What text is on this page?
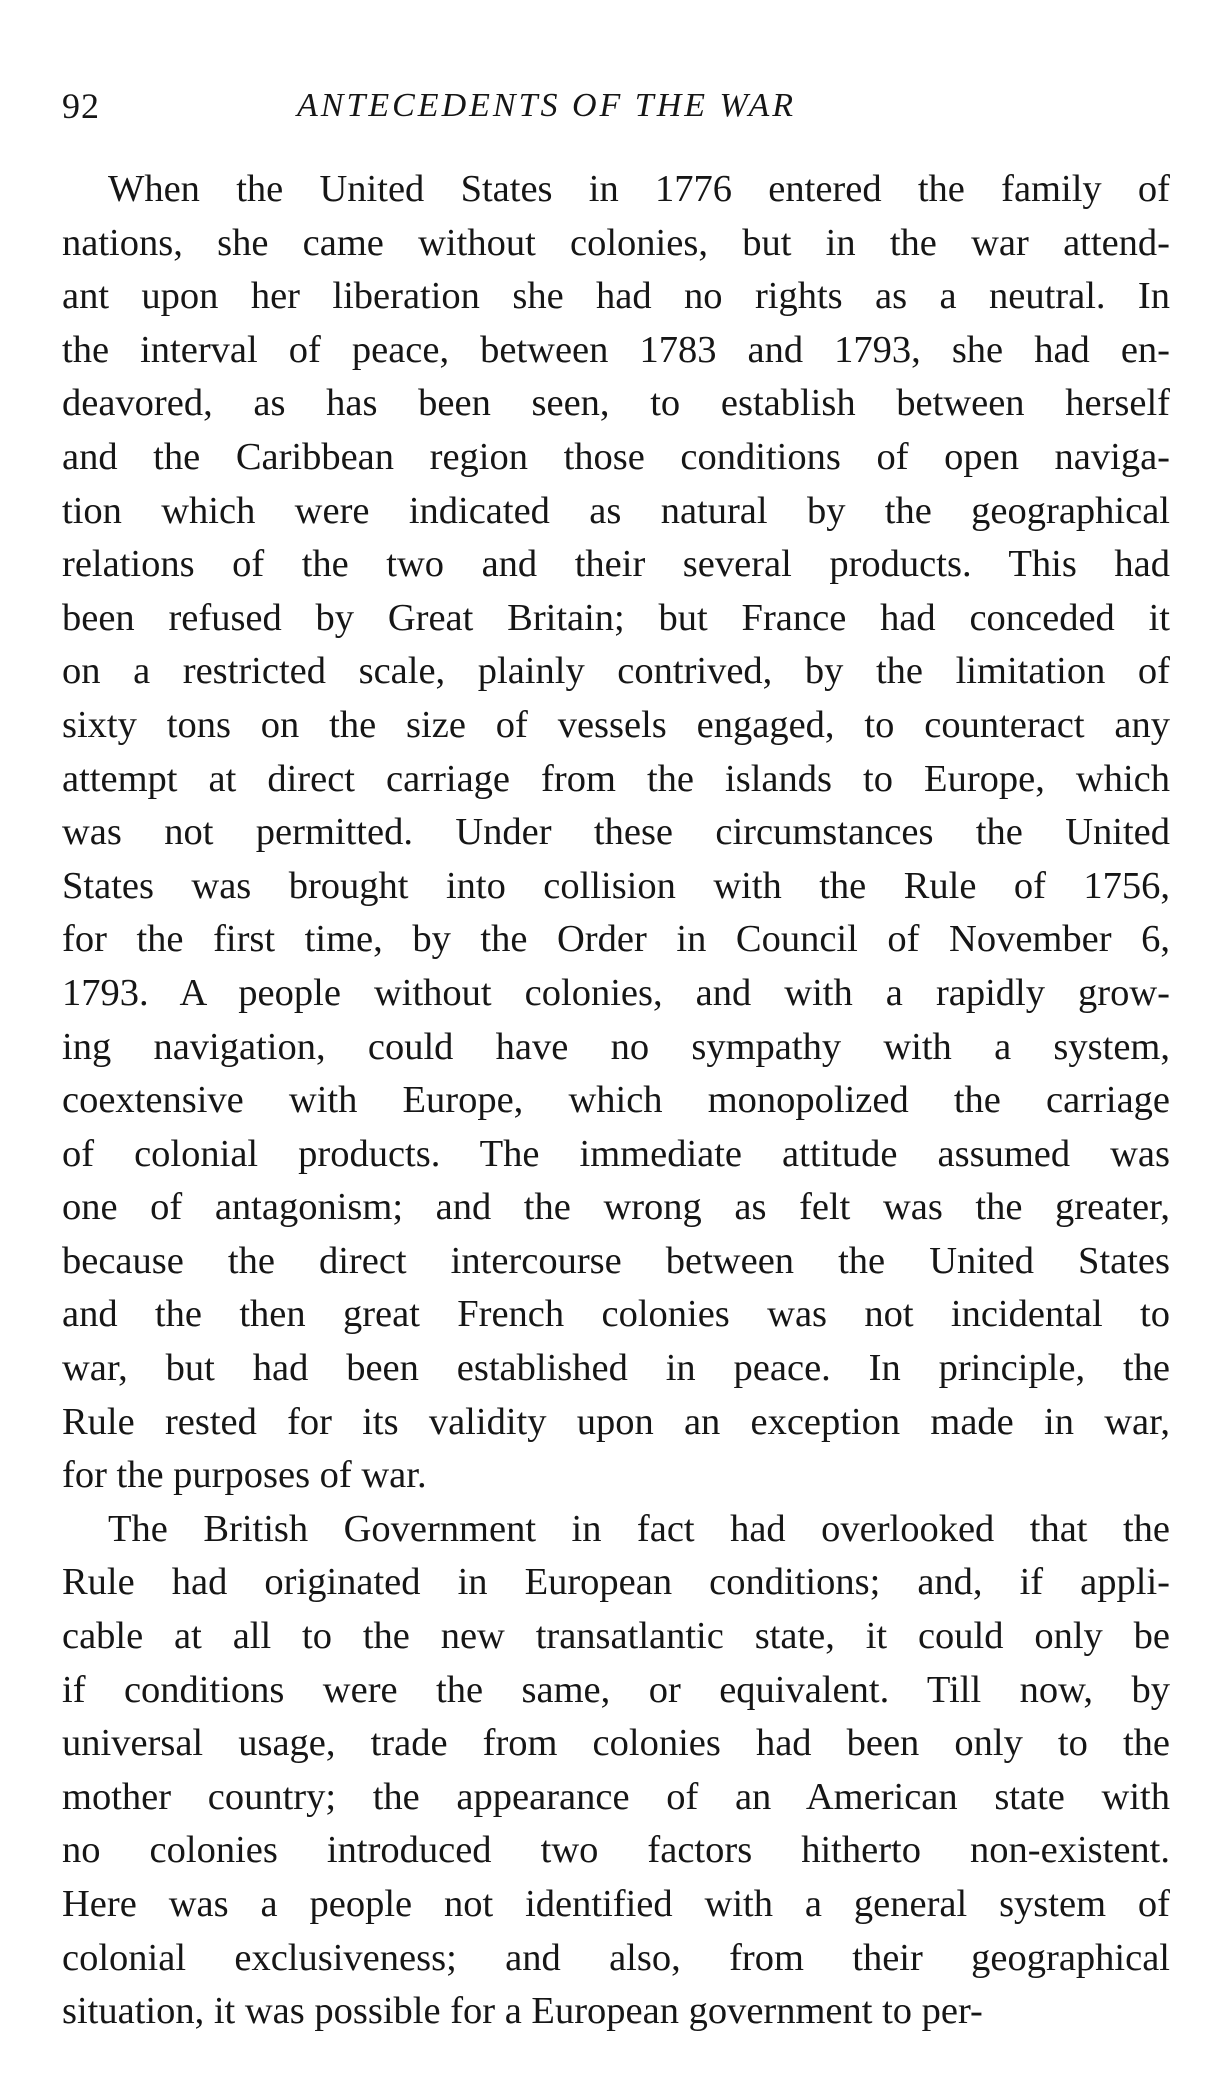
92	ANTECEDENTS OF THE WAR
When the United States in 1776 entered the family of
nations, she came without colonies, but in the war attend-
ant upon her liberation she had no rights as a neutral. In
the interval of peace, between 1783 and 1793, she had en-
deavored, as has been seen, to establish between herself
and the Caribbean region those conditions of open naviga-
tion which were indicated as natural by the geographical
relations of the two and their several products. This had
been refused by Great Britain; but France had conceded it
on a restricted scale, plainly contrived, by the limitation of
sixty tons on the size of vessels engaged, to counteract any
attempt at direct carriage from the islands to Europe, which
was not permitted. Under these circumstances the United
States was brought into collision with the Rule of 1756,
for the first time, by the Order in Council of November 6,
1793. A people without colonies, and with a rapidly grow-
ing navigation, could have no sympathy with a system,
coextensive with Europe, which monopolized the carriage
of colonial products. The immediate attitude assumed was
one of antagonism; and the wrong as felt was the greater,
because the direct intercourse between the United States
and the then great French colonies was not incidental to
war, but had been established in peace. In principle, the
Rule rested for its validity upon an exception made in war,
for the purposes of war.
The British Government in fact had overlooked that the
Rule had originated in European conditions; and, if appli-
cable at all to the new transatlantic state, it could only be
if conditions were the same, or equivalent. Till now, by
universal usage, trade from colonies had been only to the
mother country; the appearance of an American state with
no colonies introduced two factors hitherto non-existent.
Here was a people not identified with a general system of
colonial exclusiveness; and also, from their geographical
situation, it was possible for a European government to per-
